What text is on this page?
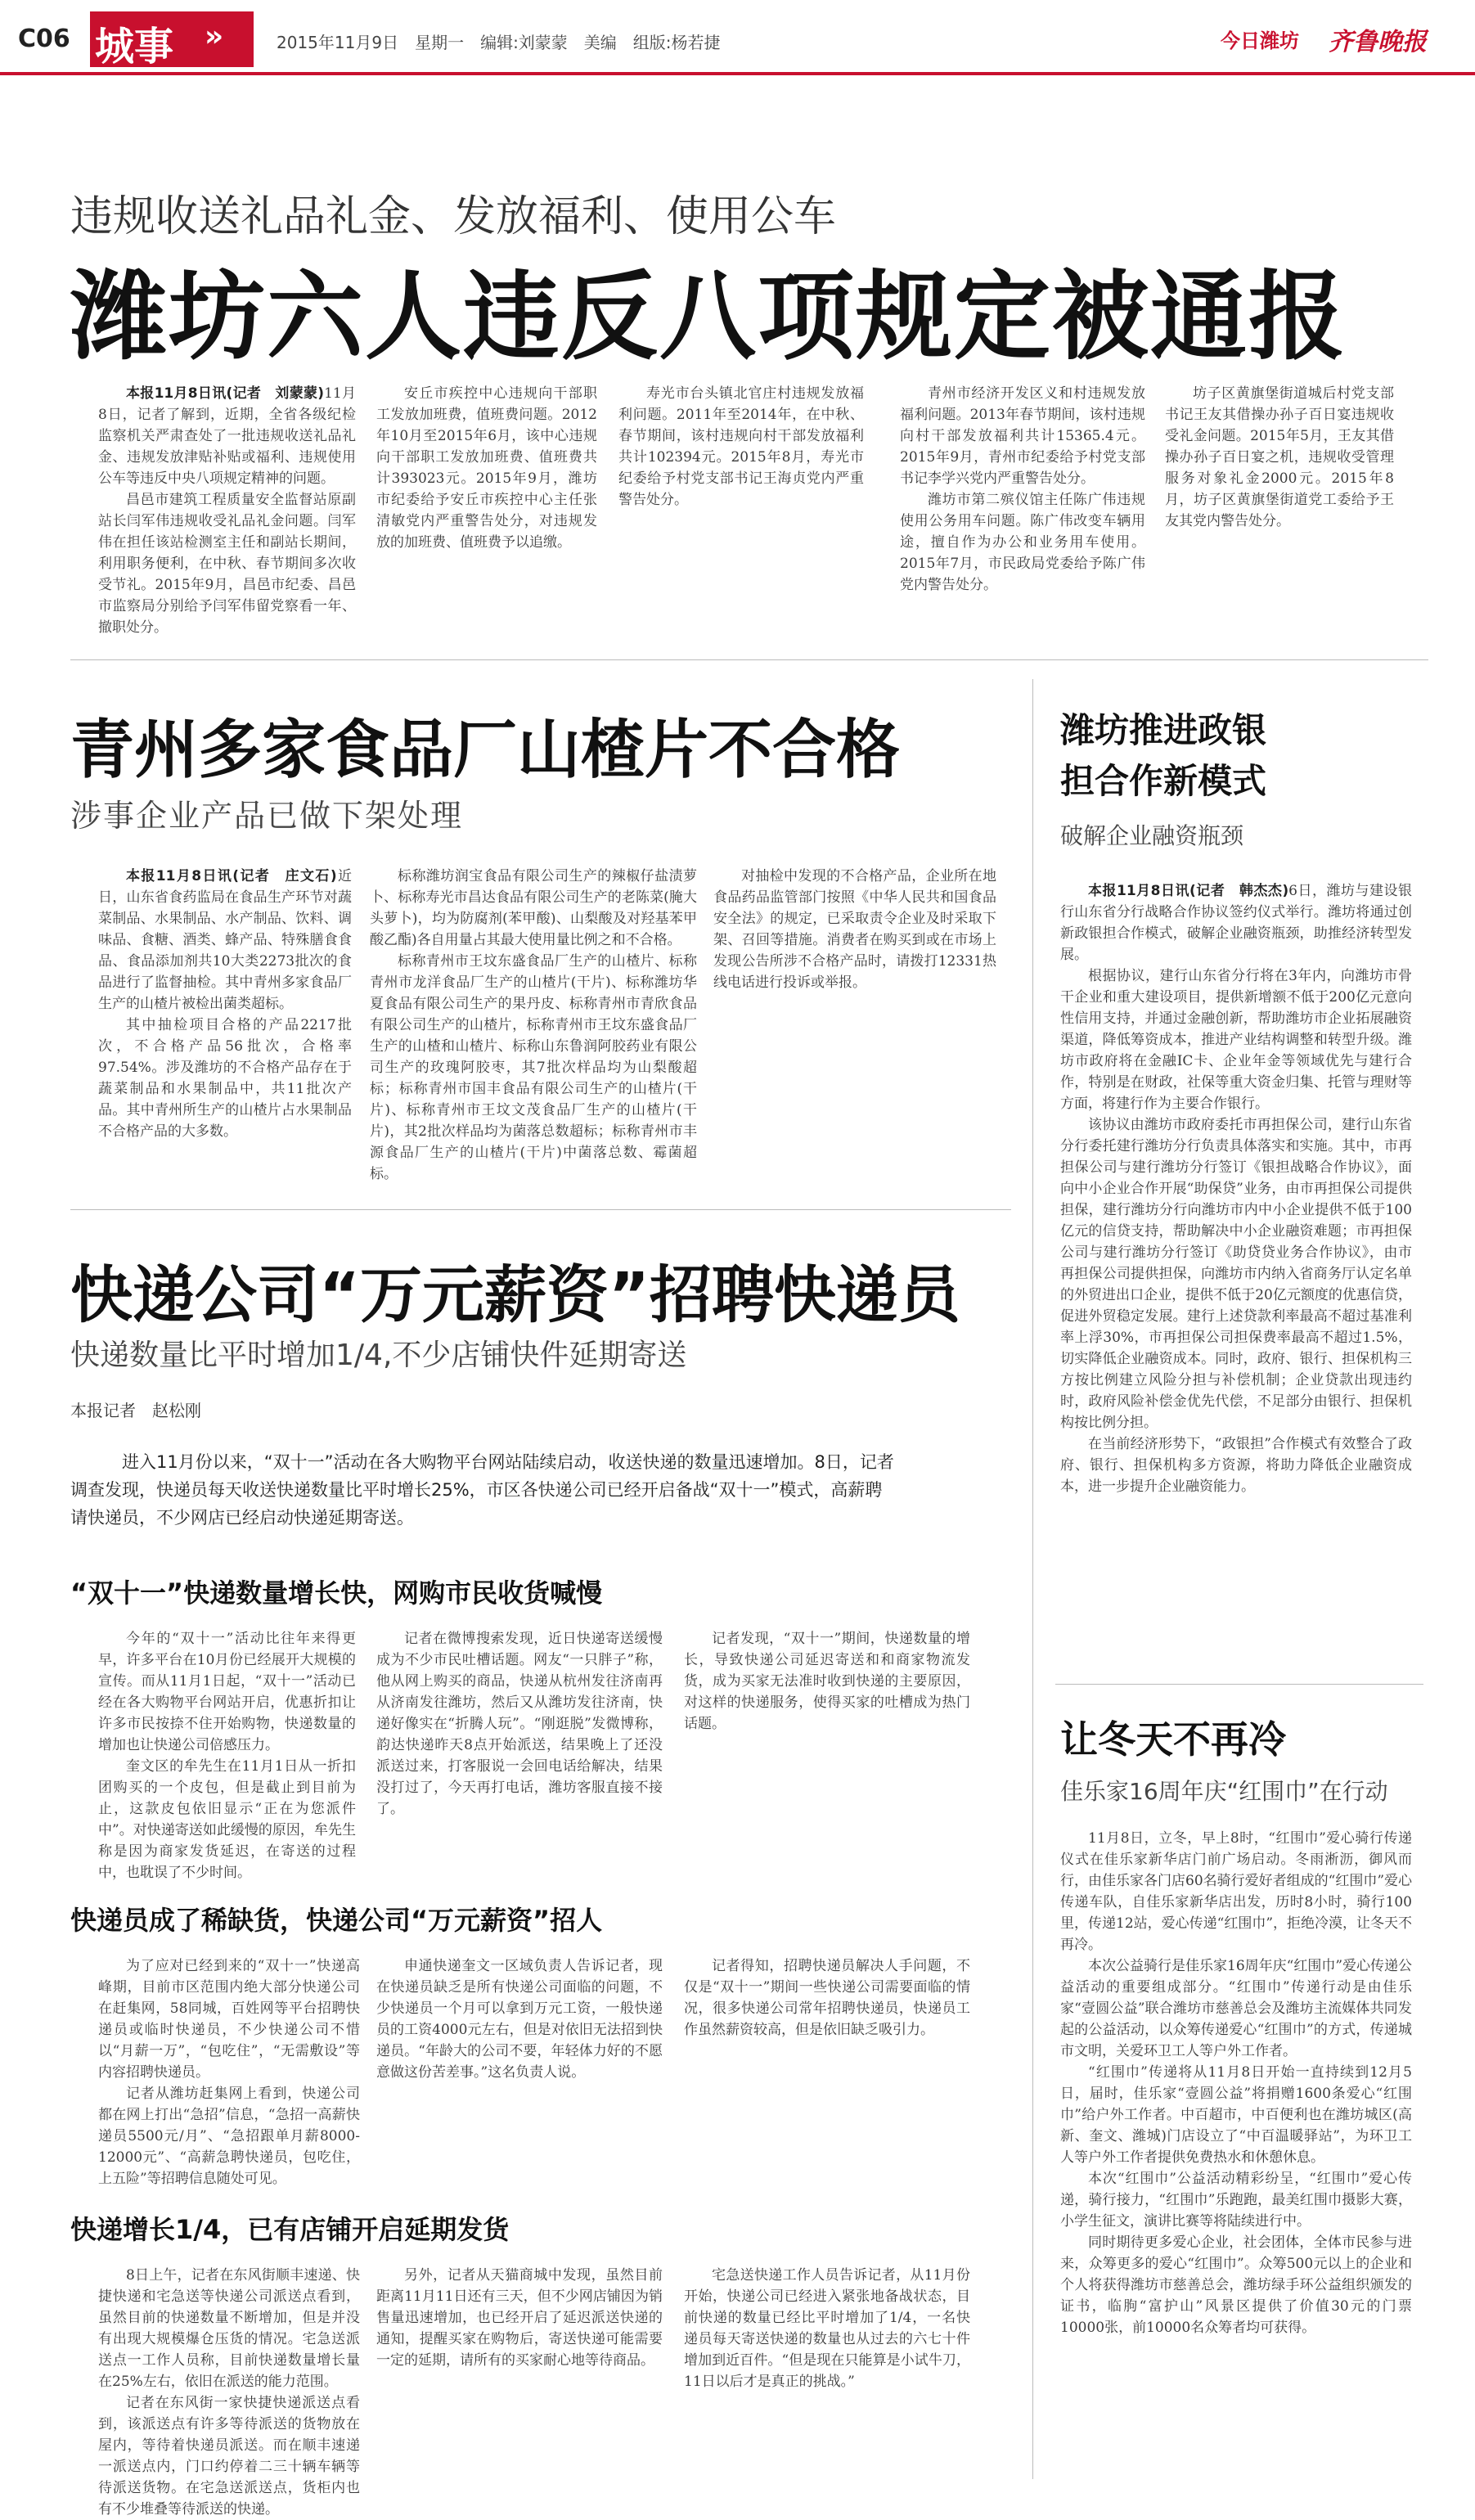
C06 城事 »	2015年11月9日　星期一　编辑:刘蒙蒙　美编　组版:杨若捷	今日潍坊 齐鲁晚报
违规收送礼品礼金、发放福利、使用公车
潍坊六人违反八项规定被通报

本报11月8日讯(记者　刘蒙蒙)11月8日，记者了解到，近期，全省各级纪检监察机关严肃查处了一批违规收送礼品礼金、违规发放津贴补贴或福利、违规使用公车等违反中央八项规定精神的问题。

昌邑市建筑工程质量安全监督站原副站长闫军伟违规收受礼品礼金问题。闫军伟在担任该站检测室主任和副站长期间，利用职务便利，在中秋、春节期间多次收受节礼。2015年9月，昌邑市纪委、昌邑市监察局分别给予闫军伟留党察看一年、撤职处分。

安丘市疾控中心违规向干部职工发放加班费，值班费问题。2012年10月至2015年6月，该中心违规向干部职工发放加班费、值班费共计393023元。2015年9月，潍坊市纪委给予安丘市疾控中心主任张清敏党内严重警告处分，对违规发放的加班费、值班费予以追缴。

寿光市台头镇北官庄村违规发放福利问题。2011年至2014年，在中秋、春节期间，该村违规向村干部发放福利共计102394元。2015年8月，寿光市纪委给予村党支部书记王海贞党内严重警告处分。

青州市经济开发区义和村违规发放福利问题。2013年春节期间，该村违规向村干部发放福利共计15365.4元。2015年9月，青州市纪委给予村党支部书记李学兴党内严重警告处分。

潍坊市第二殡仪馆主任陈广伟违规使用公务用车问题。陈广伟改变车辆用途，擅自作为办公和业务用车使用。2015年7月，市民政局党委给予陈广伟党内警告处分。

坊子区黄旗堡街道城后村党支部书记王友其借操办孙子百日宴违规收受礼金问题。2015年5月，王友其借操办孙子百日宴之机，违规收受管理服务对象礼金2000元。2015年8月，坊子区黄旗堡街道党工委给予王友其党内警告处分。

青州多家食品厂山楂片不合格
涉事企业产品已做下架处理

本报11月8日讯(记者　庄文石)近日，山东省食药监局在食品生产环节对蔬菜制品、水果制品、水产制品、饮料、调味品、食糖、酒类、蜂产品、特殊膳食食品、食品添加剂共10大类2273批次的食品进行了监督抽检。其中青州多家食品厂生产的山楂片被检出菌类超标。

其中抽检项目合格的产品2217批次，不合格产品56批次，合格率97.54%。涉及潍坊的不合格产品存在于蔬菜制品和水果制品中，共11批次产品。其中青州所生产的山楂片占水果制品不合格产品的大多数。

标称潍坊润宝食品有限公司生产的辣椒仔盐渍萝卜、标称寿光市昌达食品有限公司生产的老陈菜(腌大头萝卜)，均为防腐剂(苯甲酸)、山梨酸及对羟基苯甲酸乙酯)各自用量占其最大使用量比例之和不合格。

标称青州市王坟东盛食品厂生产的山楂片、标称青州市龙洋食品厂生产的山楂片(干片)、标称潍坊华夏食品有限公司生产的果丹皮、标称青州市青欣食品有限公司生产的山楂片，标称青州市王坟东盛食品厂生产的山楂和山楂片、标称山东鲁润阿胶药业有限公司生产的玫瑰阿胶枣，其7批次样品均为山梨酸超标；标称青州市国丰食品有限公司生产的山楂片(干片)、标称青州市王坟文茂食品厂生产的山楂片(干片)，其2批次样品均为菌落总数超标；标称青州市丰源食品厂生产的山楂片(干片)中菌落总数、霉菌超标。

对抽检中发现的不合格产品，企业所在地食品药品监管部门按照《中华人民共和国食品安全法》的规定，已采取责令企业及时采取下架、召回等措施。消费者在购买到或在市场上发现公告所涉不合格产品时，请拨打12331热线电话进行投诉或举报。

快递公司“万元薪资”招聘快递员
快递数量比平时增加1/4,不少店铺快件延期寄送
本报记者　赵松刚
进入11月份以来，“双十一”活动在各大购物平台网站陆续启动，收送快递的数量迅速增加。8日，记者调查发现，快递员每天收送快递数量比平时增长25%，市区各快递公司已经开启备战“双十一”模式，高薪聘请快递员，不少网店已经启动快递延期寄送。
“双十一”快递数量增长快，网购市民收货喊慢

今年的“双十一”活动比往年来得更早，许多平台在10月份已经展开大规模的宣传。而从11月1日起，“双十一”活动已经在各大购物平台网站开启，优惠折扣让许多市民按捺不住开始购物，快递数量的增加也让快递公司倍感压力。

奎文区的牟先生在11月1日从一折扣团购买的一个皮包，但是截止到目前为止，这款皮包依旧显示“正在为您派件中”。对快递寄送如此缓慢的原因，牟先生称是因为商家发货延迟，在寄送的过程中，也耽误了不少时间。

记者在微博搜索发现，近日快递寄送缓慢成为不少市民吐槽话题。网友“一只胖子”称，他从网上购买的商品，快递从杭州发往济南再从济南发往潍坊，然后又从潍坊发往济南，快递好像实在“折腾人玩”。“刚逛脱”发微博称，韵达快递昨天8点开始派送，结果晚上了还没派送过来，打客服说一会回电话给解决，结果没打过了，今天再打电话，潍坊客服直接不接了。

记者发现，“双十一”期间，快递数量的增长，导致快递公司延迟寄送和和商家物流发货，成为买家无法准时收到快递的主要原因，对这样的快递服务，使得买家的吐槽成为热门话题。

快递员成了稀缺货，快递公司“万元薪资”招人

为了应对已经到来的“双十一”快递高峰期，目前市区范围内绝大部分快递公司在赶集网，58同城，百姓网等平台招聘快递员或临时快递员，不少快递公司不惜以“月薪一万”，“包吃住”，“无需敷设”等内容招聘快递员。

记者从潍坊赶集网上看到，快递公司都在网上打出“急招”信息，“急招一高薪快递员5500元/月”、“急招跟单月薪8000-12000元”、“高薪急聘快递员，包吃住，上五险”等招聘信息随处可见。

申通快递奎文一区域负责人告诉记者，现在快递员缺乏是所有快递公司面临的问题，不少快递员一个月可以拿到万元工资，一般快递员的工资4000元左右，但是对依旧无法招到快递员。“年龄大的公司不要，年轻体力好的不愿意做这份苦差事。”这名负责人说。

记者得知，招聘快递员解决人手问题，不仅是“双十一”期间一些快递公司需要面临的情况，很多快递公司常年招聘快递员，快递员工作虽然薪资较高，但是依旧缺乏吸引力。

快递增长1/4，已有店铺开启延期发货

8日上午，记者在东风街顺丰速递、快捷快递和宅急送等快递公司派送点看到，虽然目前的快递数量不断增加，但是并没有出现大规模爆仓压货的情况。宅急送派送点一工作人员称，目前快递数量增长量在25%左右，依旧在派送的能力范围。

记者在东风街一家快捷快递派送点看到，该派送点有许多等待派送的货物放在屋内，等待着快递员派送。而在顺丰速递一派送点内，门口约停着二三十辆车辆等待派送货物。在宅急送派送点，货柜内也有不少堆叠等待派送的快递。

另外，记者从天猫商城中发现，虽然目前距离11月11日还有三天，但不少网店铺因为销售量迅速增加，也已经开启了延迟派送快递的通知，提醒买家在购物后，寄送快递可能需要一定的延期，请所有的买家耐心地等待商品。

宅急送快递工作人员告诉记者，从11月份开始，快递公司已经进入紧张地备战状态，目前快递的数量已经比平时增加了1/4，一名快递员每天寄送快递的数量也从过去的六七十件增加到近百件。“但是现在只能算是小试牛刀，11日以后才是真正的挑战。”

潍坊推进政银
担合作新模式
破解企业融资瓶颈

本报11月8日讯(记者　韩杰杰)6日，潍坊与建设银行山东省分行战略合作协议签约仪式举行。潍坊将通过创新政银担合作模式，破解企业融资瓶颈，助推经济转型发展。

根据协议，建行山东省分行将在3年内，向潍坊市骨干企业和重大建设项目，提供新增额不低于200亿元意向性信用支持，并通过金融创新，帮助潍坊市企业拓展融资渠道，降低筹资成本，推进产业结构调整和转型升级。潍坊市政府将在金融IC卡、企业年金等领域优先与建行合作，特别是在财政，社保等重大资金归集、托管与理财等方面，将建行作为主要合作银行。

该协议由潍坊市政府委托市再担保公司，建行山东省分行委托建行潍坊分行负责具体落实和实施。其中，市再担保公司与建行潍坊分行签订《银担战略合作协议》，面向中小企业合作开展“助保贷”业务，由市再担保公司提供担保，建行潍坊分行向潍坊市内中小企业提供不低于100亿元的信贷支持，帮助解决中小企业融资难题；市再担保公司与建行潍坊分行签订《助贷贷业务合作协议》，由市再担保公司提供担保，向潍坊市内纳入省商务厅认定名单的外贸进出口企业，提供不低于20亿元额度的优惠信贷，促进外贸稳定发展。建行上述贷款利率最高不超过基准利率上浮30%，市再担保公司担保费率最高不超过1.5%，切实降低企业融资成本。同时，政府、银行、担保机构三方按比例建立风险分担与补偿机制；企业贷款出现违约时，政府风险补偿金优先代偿，不足部分由银行、担保机构按比例分担。

在当前经济形势下，“政银担”合作模式有效整合了政府、银行、担保机构多方资源，将助力降低企业融资成本，进一步提升企业融资能力。

让冬天不再冷
佳乐家16周年庆“红围巾”在行动

11月8日，立冬，早上8时，“红围巾”爱心骑行传递仪式在佳乐家新华店门前广场启动。冬雨淅沥，御风而行，由佳乐家各门店60名骑行爱好者组成的“红围巾”爱心传递车队，自佳乐家新华店出发，历时8小时，骑行100里，传递12站，爱心传递“红围巾”，拒绝冷漠，让冬天不再冷。

本次公益骑行是佳乐家16周年庆“红围巾”爱心传递公益活动的重要组成部分。“红围巾”传递行动是由佳乐家“壹圆公益”联合潍坊市慈善总会及潍坊主流媒体共同发起的公益活动，以众筹传递爱心“红围巾”的方式，传递城市文明，关爱环卫工人等户外工作者。

“红围巾”传递将从11月8日开始一直持续到12月5日，届时，佳乐家“壹圆公益”将捐赠1600条爱心“红围巾”给户外工作者。中百超市，中百便利也在潍坊城区(高新、奎文、潍城)门店设立了“中百温暖驿站”，为环卫工人等户外工作者提供免费热水和休憩休息。

本次“红围巾”公益活动精彩纷呈，“红围巾”爱心传递，骑行接力，“红围巾”乐跑跑，最美红围巾摄影大赛，小学生征文，演讲比赛等将陆续进行中。

同时期待更多爱心企业，社会团体，全体市民参与进来，众筹更多的爱心“红围巾”。众筹500元以上的企业和个人将获得潍坊市慈善总会，潍坊绿手环公益组织颁发的证书，临朐“富护山”风景区提供了价值30元的门票10000张，前10000名众筹者均可获得。
